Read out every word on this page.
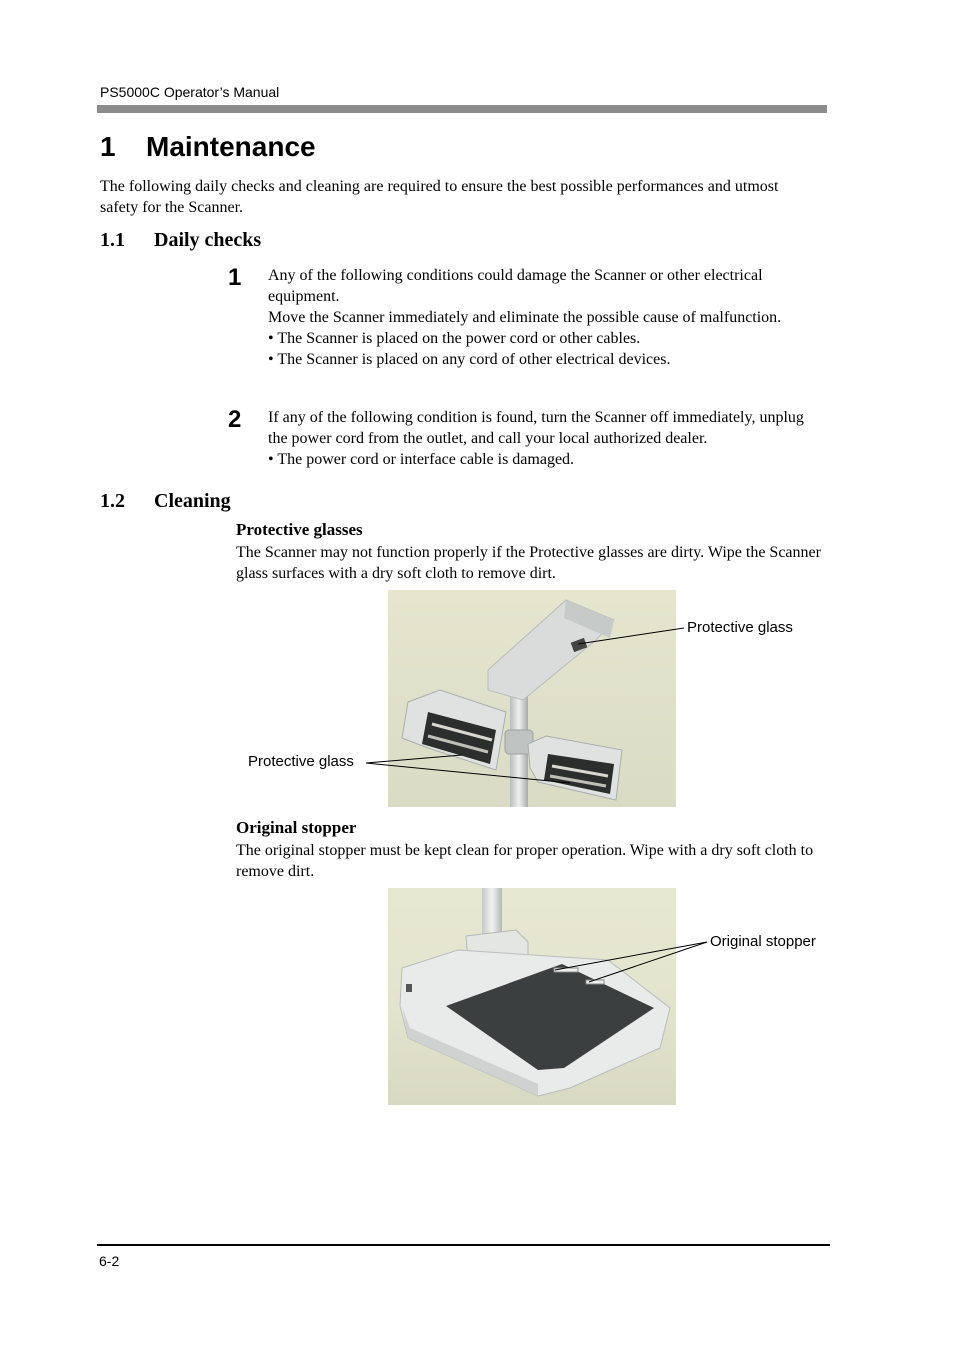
PS5000C Operator’s Manual
1 Maintenance
The following daily checks and cleaning are required to ensure the best possible performances and utmost safety for the Scanner.
1.1 Daily checks
1 Any of the following conditions could damage the Scanner or other electrical equipment.
Move the Scanner immediately and eliminate the possible cause of malfunction.
• The Scanner is placed on the power cord or other cables.
• The Scanner is placed on any cord of other electrical devices.
2 If any of the following condition is found, turn the Scanner off immediately, unplug the power cord from the outlet, and call your local authorized dealer.
• The power cord or interface cable is damaged.
1.2 Cleaning
Protective glasses
The Scanner may not function properly if the Protective glasses are dirty. Wipe the Scanner glass surfaces with a dry soft cloth to remove dirt.
Protective glass
Protective glass
Original stopper
The original stopper must be kept clean for proper operation. Wipe with a dry soft cloth to remove dirt.
Original stopper
6-2
